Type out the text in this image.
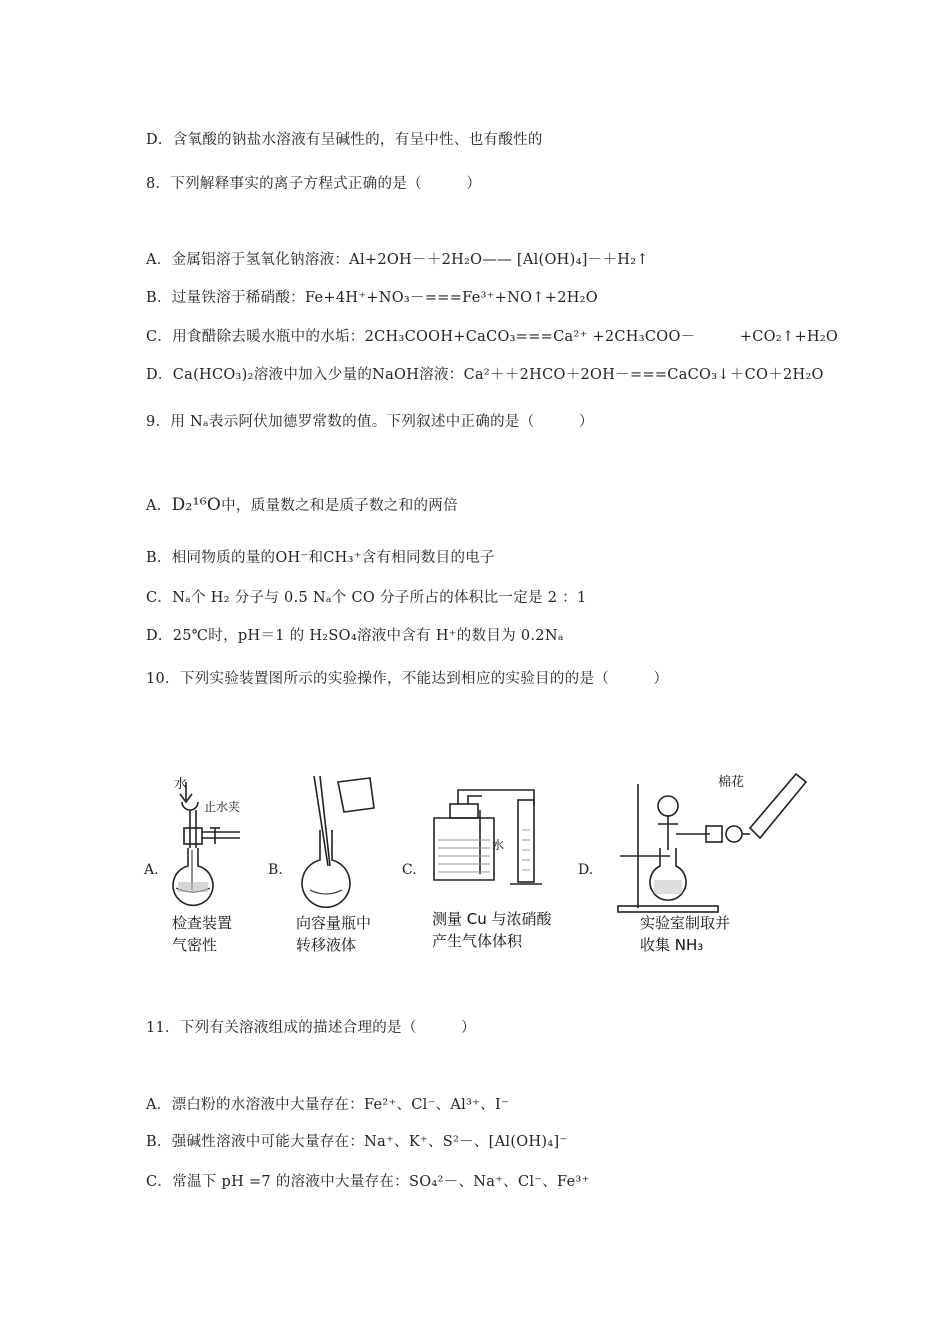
D．含氧酸的钠盐水溶液有呈碱性的，有呈中性、也有酸性的
8．下列解释事实的离子方程式正确的是（　　　）
A．金属铝溶于氢氧化钠溶液：Al+2OH－＋2H₂O—— [Al(OH)₄]－＋H₂↑
B．过量铁溶于稀硝酸：Fe+4H⁺+NO₃－===Fe³⁺+NO↑+2H₂O
C．用食醋除去暖水瓶中的水垢：2CH₃COOH+CaCO₃===Ca²⁺ +2CH₃COO－　　　+CO₂↑+H₂O
D．Ca(HCO₃)₂溶液中加入少量的NaOH溶液：Ca²＋＋2HCO＋2OH－===CaCO₃↓＋CO＋2H₂O
9．用 Nₐ表示阿伏加德罗常数的值。下列叙述中正确的是（　　　）
A．D₂¹⁶O中，质量数之和是质子数之和的两倍
B．相同物质的量的OH⁻和CH₃⁺含有相同数目的电子
C．Nₐ个 H₂ 分子与 0.5 Nₐ个 CO 分子所占的体积比一定是 2 ：1
D．25℃时，pH＝1 的 H₂SO₄溶液中含有 H⁺的数目为 0.2Nₐ
10．下列实验装置图所示的实验操作，不能达到相应的实验目的的是（　　　）
A.
水
止水夹
检查装置
气密性
B.
向容量瓶中
转移液体
C.
水
测量 Cu 与浓硝酸
产生气体体积
D.
棉花
实验室制取并
收集 NH₃
11．下列有关溶液组成的描述合理的是（　　　）
A．漂白粉的水溶液中大量存在：Fe²⁺、Cl⁻、Al³⁺、I⁻
B．强碱性溶液中可能大量存在：Na⁺、K⁺、S²－、[Al(OH)₄]⁻
C．常温下 pH =7 的溶液中大量存在：SO₄²－、Na⁺、Cl⁻、Fe³⁺
